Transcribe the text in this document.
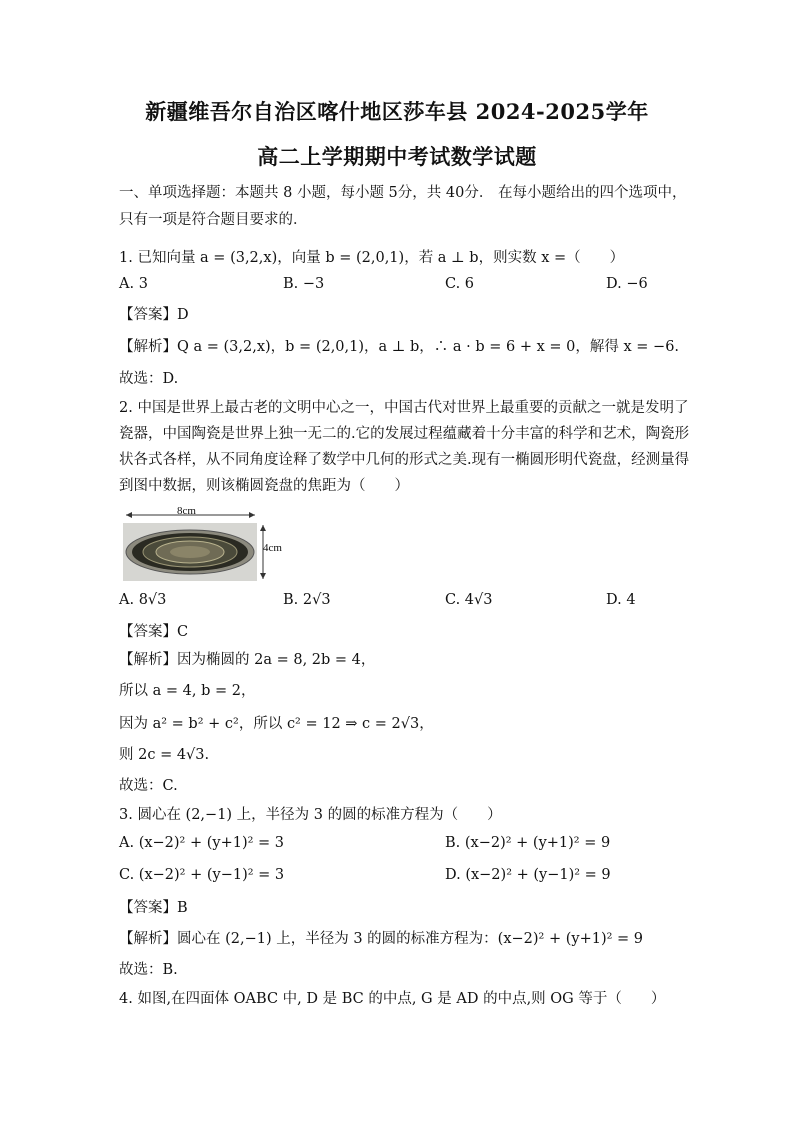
新疆维吾尔自治区喀什地区莎车县 2024-2025学年
高二上学期期中考试数学试题
一、单项选择题：本题共 8 小题，每小题 5分，共 40分． 在每小题给出的四个选项中，
只有一项是符合题目要求的．
1. 已知向量 a = (3,2,x)，向量 b = (2,0,1)，若 a ⊥ b，则实数 x =（　　）
A. 3	B. −3	C. 6	D. −6
【答案】D
【解析】Q a = (3,2,x)，b = (2,0,1)，a ⊥ b，∴ a · b = 6 + x = 0，解得 x = −6.
故选：D.
2. 中国是世界上最古老的文明中心之一，中国古代对世界上最重要的贡献之一就是发明了
瓷器，中国陶瓷是世界上独一无二的.它的发展过程蕴藏着十分丰富的科学和艺术，陶瓷形
状各式各样，从不同角度诠释了数学中几何的形式之美.现有一椭圆形明代瓷盘，经测量得
到图中数据，则该椭圆瓷盘的焦距为（　　）
8cm
4cm
A. 8√3	B. 2√3	C. 4√3	D. 4
【答案】C
【解析】因为椭圆的 2a = 8, 2b = 4，
所以 a = 4, b = 2，
因为 a² = b² + c²，所以 c² = 12 ⇒ c = 2√3，
则 2c = 4√3.
故选：C.
3. 圆心在 (2,−1) 上，半径为 3 的圆的标准方程为（　　）
A. (x−2)² + (y+1)² = 3	B. (x−2)² + (y+1)² = 9
C. (x−2)² + (y−1)² = 3	D. (x−2)² + (y−1)² = 9
【答案】B
【解析】圆心在 (2,−1) 上，半径为 3 的圆的标准方程为：(x−2)² + (y+1)² = 9
故选：B.
4. 如图,在四面体 OABC 中, D 是 BC 的中点, G 是 AD 的中点,则 OG 等于（　　）
